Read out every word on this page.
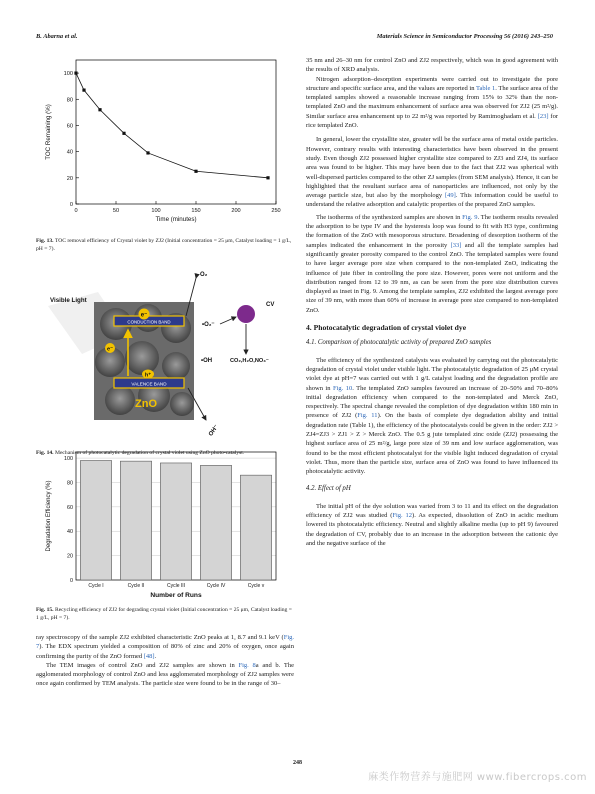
B. Abarna et al.	Materials Science in Semiconductor Processing 56 (2016) 243–250
0	50	100	150	200	250
0
20
40
60
80
100
Time (minutes)
TOC Remaining (%)
Fig. 13. TOC removal efficiency of Crystal violet by ZJ2 (Initial concentration = 25 μm, Catalyst loading = 1 g/L, pH = 7).
Visible Light
CONDUCTION BAND
VALENCE BAND
e⁻
e⁻
h⁺
ZnO
O₂
•O₂⁻
CV
•OH	CO₂,H₂O,NO₃⁻
OH⁻
Fig. 14. Mechanism of photocatalytic degradation of crystal violet using ZnO photo-catalyst.
0
20
40
60
80
100
Cycle I	Cycle II	Cycle III	Cycle IV	Cycle v
Number of Runs
Degradation Efficiency (%)
Fig. 15. Recycling efficiency of ZJ2 for degrading crystal violet (Initial concentration = 25 μm, Catalyst loading = 1 g/L, pH = 7).

ray spectroscopy of the sample ZJ2 exhibited characteristic ZnO peaks at 1, 8.7 and 9.1 keV (Fig. 7). The EDX spectrum yielded a composition of 80% of zinc and 20% of oxygen, once again confirming the purity of the ZnO formed [48].

The TEM images of control ZnO and ZJ2 samples are shown in Fig. 8a and b. The agglomerated morphology of control ZnO and less agglomerated morphology of ZJ2 samples were once again confirmed by TEM analysis. The particle size were found to be in the range of 30–

35 nm and 26–30 nm for control ZnO and ZJ2 respectively, which was in good agreement with the results of XRD analysis.

Nitrogen adsorption–desorption experiments were carried out to investigate the pore structure and specific surface area, and the values are reported in Table 1. The surface area of the templated samples showed a reasonable increase ranging from 15% to 32% than the non-templated ZnO and the maximum enhancement of surface area was observed for ZJ2 (25 m²/g). Similar surface area enhancement up to 22 m²/g was reported by Ramimoghadam et al. [23] for rice templated ZnO.

In general, lower the crystallite size, greater will be the surface area of metal oxide particles. However, contrary results with interesting characteristics have been observed in the present study. Even though ZJ2 possessed higher crystallite size compared to ZJ3 and ZJ4, its surface area was found to be higher. This may have been due to the fact that ZJ2 was spherical with well-dispersed particles compared to the other ZJ samples (from SEM analysis). Hence, it can be highlighted that the resultant surface area of nanoparticles are influenced, not only by the average particle size, but also by the morphology [49]. This information could be useful to understand the relative adsorption and catalytic properties of the prepared ZnO samples.

The isotherms of the synthesized samples are shown in Fig. 9. The isotherm results revealed the adsorption to be type IV and the hysteresis loop was found to fit with H3 type, confirming the formation of the ZnO with mesoporous structure. Broadening of desorption isotherm of the samples indicated the enhancement in the porosity [33] and all the template samples had significantly greater porosity compared to the control ZnO. The templated samples were found to have larger average pore size when compared to the non-templated ZnO, indicating the influence of jute fiber in controlling the pore size. However, pores were not uniform and the distribution ranged from 12 to 39 nm, as can be seen from the pore size distribution curves displayed as inset in Fig. 9. Among the template samples, ZJ2 exhibited the largest average pore size of 39 nm, with more than 60% of increase in average pore size compared to non-templated ZnO.

4. Photocatalytic degradation of crystal violet dye
4.1. Comparison of photocatalytic activity of prepared ZnO samples

The efficiency of the synthesized catalysts was evaluated by carrying out the photocatalytic degradation of crystal violet under visible light. The photocatalytic degradation of 25 μM crystal violet dye at pH=7 was carried out with 1 g/L catalyst loading and the degradation profile are shown in Fig. 10. The templated ZnO samples favoured an increase of 20–50% and 70–80% initial degradation efficiency when compared to the non-templated and Merck ZnO, respectively. The spectral change revealed the completion of dye degradation within 180 min in presence of ZJ2 (Fig. 11). On the basis of complete dye degradation ability and initial degradation rate (Table 1), the efficiency of the photocatalysts could be given in the order: ZJ2 > ZJ4=ZJ3 > ZJ1 > Z > Merck ZnO. The 0.5 g jute templated zinc oxide (ZJ2) possessing the highest surface area of 25 m²/g, large pore size of 39 nm and low surface agglomeration, was found to be the most efficient photocatalyst for the visible light induced degradation of crystal violet. Thus, more than the particle size, surface area of ZnO was found to have influenced its photocatalytic activity.

4.2. Effect of pH

The initial pH of the dye solution was varied from 3 to 11 and its effect on the degradation efficiency of ZJ2 was studied (Fig. 12). As expected, dissolution of ZnO in acidic medium lowered its photocatalytic efficiency. Neutral and slightly alkaline media (up to pH 9) favoured the degradation of CV, probably due to an increase in the adsorption between the cationic dye and the negative surface of the

248
麻类作物营养与施肥网 www.fibercrops.com
